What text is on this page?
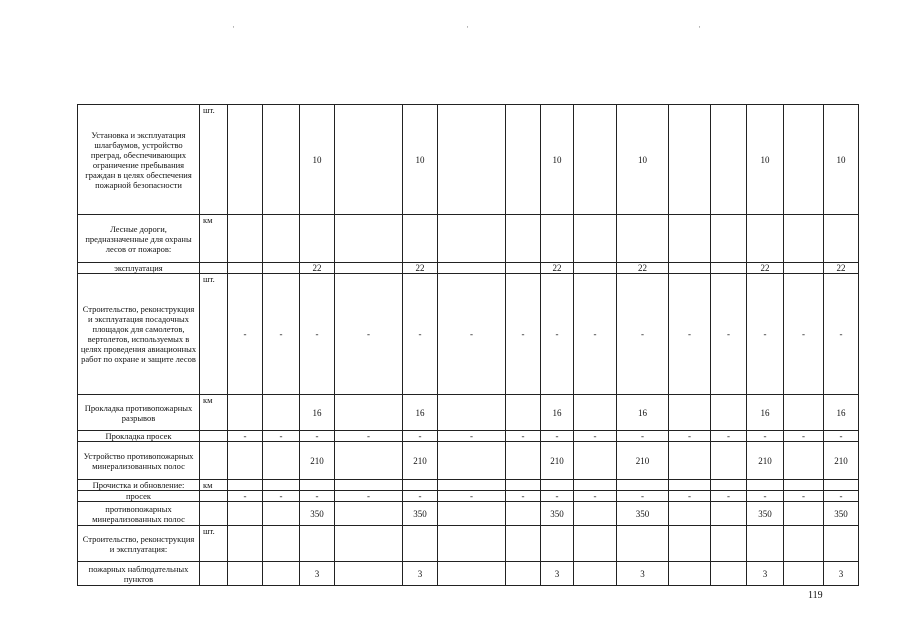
·	·	·
Установка и эксплуатация шлагбаумов, устройство преград, обеспечивающих ограничение пребывания граждан в целях обеспечения пожарной безопасности	шт.			10		10			10		10			10		10
Лесные дороги, предназначенные для охраны лесов от пожаров:	км															
эксплуатация				22		22			22		22			22		22
Строительство, реконструкция и эксплуатация посадочных площадок для самолетов, вертолетов, используемых в целях проведения авиационных работ по охране и защите лесов	шт.	-	-	-	-	-	-	-	-	-	-	-	-	-	-	-
Прокладка противопожарных разрывов	км			16		16			16		16			16		16
Прокладка просек		-	-	-	-	-	-	-	-	-	-	-	-	-	-	-
Устройство противопожарных минерализованных полос				210		210			210		210			210		210
Прочистка и обновление:	км															
просек		-	-	-	-	-	-	-	-	-	-	-	-	-	-	-
противопожарных минерализованных полос				350		350			350		350			350		350
Строительство, реконструкция и эксплуатация:	шт.															
пожарных наблюдательных пунктов				3		3			3		3			3		3
119
